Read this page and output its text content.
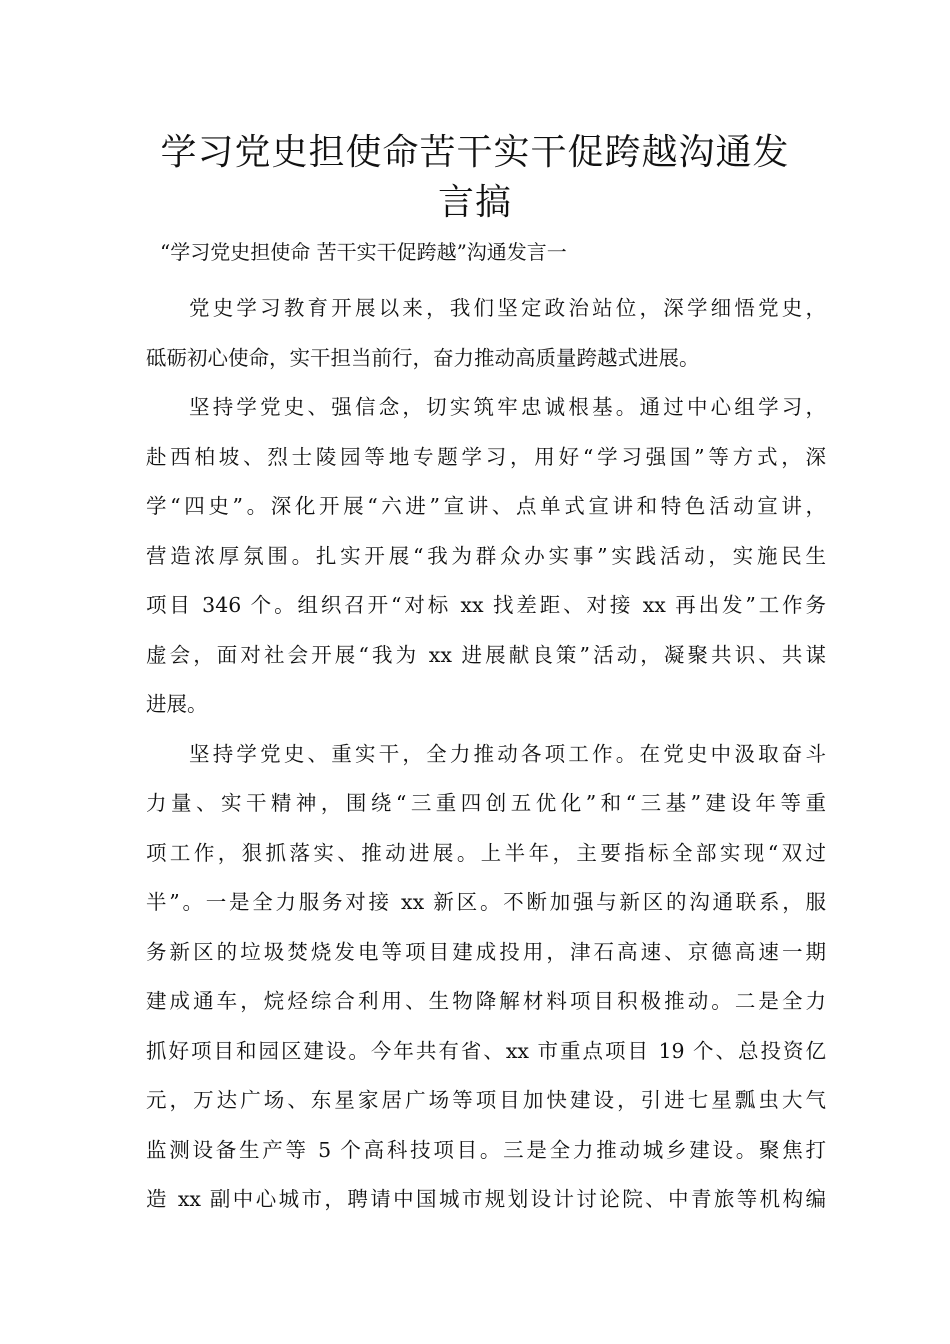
学习党史担使命苦干实干促跨越沟通发
言搞

“学习党史担使命 苦干实干促跨越”沟通发言一

党史学习教育开展以来，我们坚定政治站位，深学细悟党史，
砥砺初心使命，实干担当前行，奋力推动高质量跨越式进展。
坚持学党史、强信念，切实筑牢忠诚根基。通过中心组学习，
赴西柏坡、烈士陵园等地专题学习，用好“学习强国”等方式，深
学“四史”。深化开展“六进”宣讲、点单式宣讲和特色活动宣讲，
营造浓厚氛围。扎实开展“我为群众办实事”实践活动，实施民生
项目 346 个。组织召开“对标 xx 找差距、对接 xx 再出发”工作务
虚会，面对社会开展“我为 xx 进展献良策”活动，凝聚共识、共谋
进展。
坚持学党史、重实干，全力推动各项工作。在党史中汲取奋斗
力量、实干精神，围绕“三重四创五优化”和“三基”建设年等重
项工作，狠抓落实、推动进展。上半年，主要指标全部实现“双过
半”。一是全力服务对接 xx 新区。不断加强与新区的沟通联系，服
务新区的垃圾焚烧发电等项目建成投用，津石高速、京德高速一期
建成通车，烷烃综合利用、生物降解材料项目积极推动。二是全力
抓好项目和园区建设。今年共有省、xx 市重点项目 19 个、总投资亿
元，万达广场、东星家居广场等项目加快建设，引进七星瓢虫大气
监测设备生产等 5 个高科技项目。三是全力推动城乡建设。聚焦打
造 xx 副中心城市，聘请中国城市规划设计讨论院、中青旅等机构编
